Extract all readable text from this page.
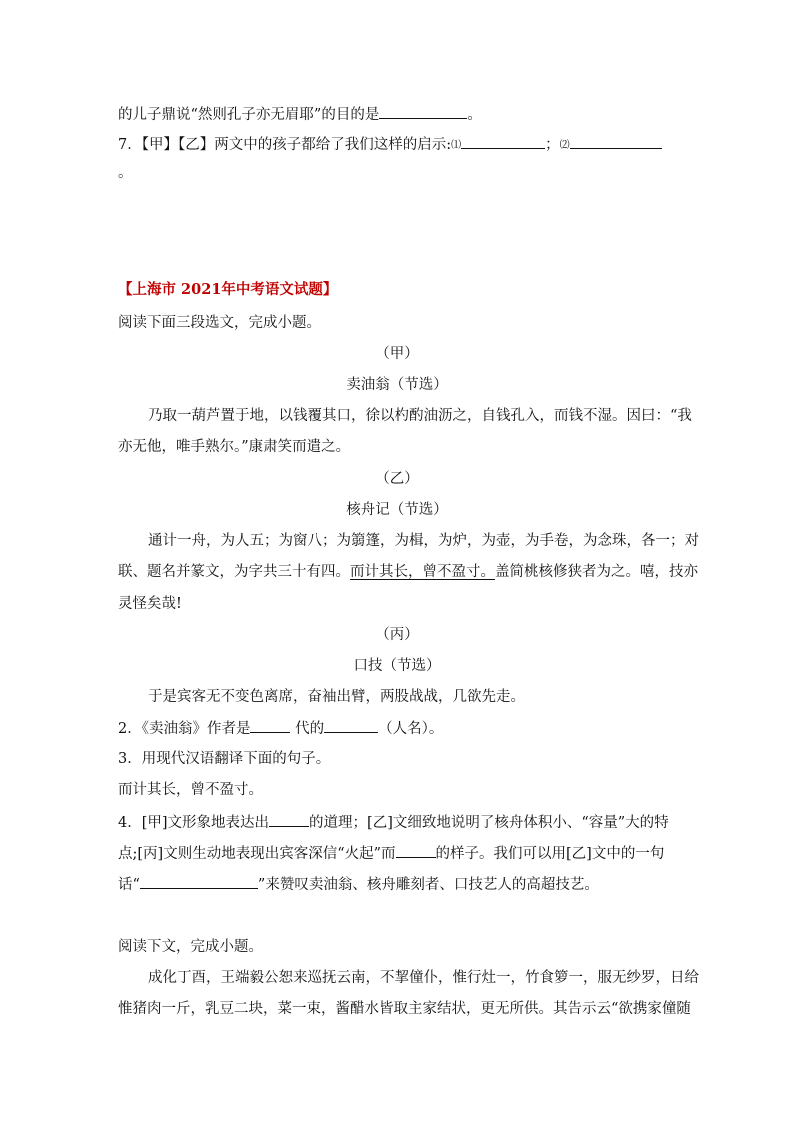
的儿子鼎说“然则孔子亦无眉耶”的目的是	。
7．【甲】【乙】两文中的孩子都给了我们这样的启示:⑴	；⑵
。
【上海市 2021年中考语文试题】
阅读下面三段选文，完成小题。
（甲）
卖油翁（节选）
乃取一葫芦置于地，以钱覆其口，徐以杓酌油沥之，自钱孔入，而钱不湿。因曰：“我
亦无他，唯手熟尔。”康肃笑而遣之。
（乙）
核舟记（节选）
通计一舟，为人五；为窗八；为篛篷，为楫，为炉，为壶，为手卷，为念珠，各一；对
联、题名并篆文，为字共三十有四。而计其长，曾不盈寸。盖简桃核修狭者为之。嘻，技亦
灵怪矣哉!
（丙）
口技（节选）
于是宾客无不变色离席，奋袖出臂，两股战战，几欲先走。
2．《卖油翁》作者是	代的	（人名）。
3．用现代汉语翻译下面的句子。
而计其长，曾不盈寸。
4．[甲]文形象地表达出	的道理；[乙]文细致地说明了核舟体积小、“容量”大的特
点;[丙]文则生动地表现出宾客深信“火起”而	的样子。我们可以用[乙]文中的一句
话“	”来赞叹卖油翁、核舟雕刻者、口技艺人的高超技艺。
阅读下文，完成小题。
成化丁酉，王端毅公恕来巡抚云南，不挈僮仆，惟行灶一，竹食箩一，服无纱罗，日给
惟猪肉一斤，乳豆二块，菜一束，酱醋水皆取主家结状，更无所供。其告示云“欲携家僮随
